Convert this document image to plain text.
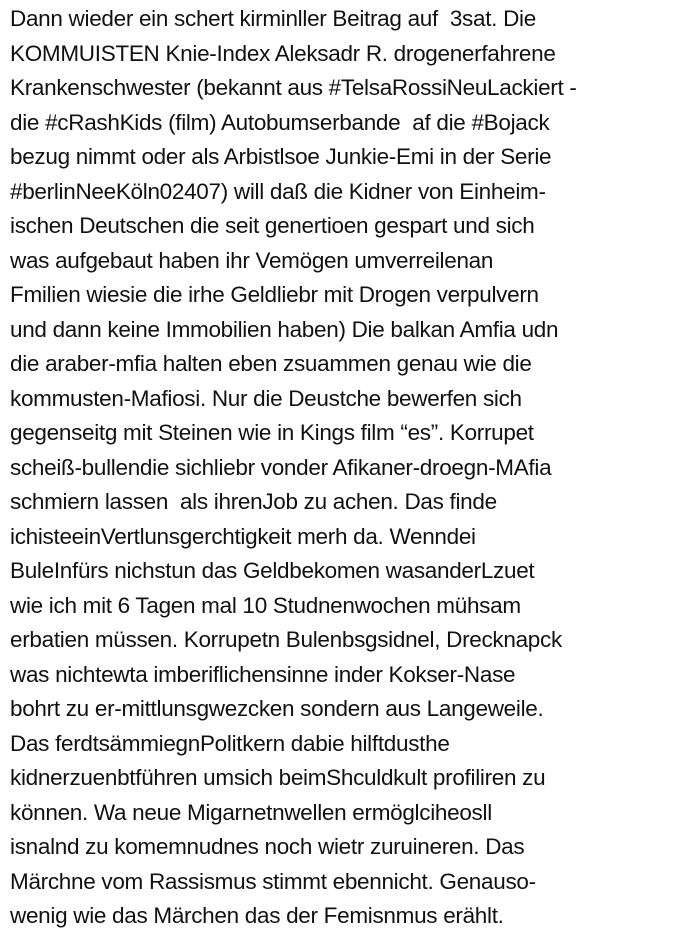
Dann wieder ein schert kirminller Beitrag auf  3sat. Die
KOMMUISTEN Knie-Index Aleksadr R. drogenerfahrene
Krankenschwester (bekannt aus #TelsaRossiNeuLackiert -
die #cRashKids (film) Autobumserbande  af die #Bojack
bezug nimmt oder als Arbistlsoe Junkie-Emi in der Serie
#berlinNeeKöln02407) will daß die Kidner von Einheim-
ischen Deutschen die seit genertioen gespart und sich
was aufgebaut haben ihr Vemögen umverreilenan
Fmilien wiesie die irhe Geldliebr mit Drogen verpulvern
und dann keine Immobilien haben) Die balkan Amfia udn
die araber-mfia halten eben zsuammen genau wie die
kommusten-Mafiosi. Nur die Deustche bewerfen sich
gegenseitg mit Steinen wie in Kings film “es”. Korrupet
scheiß-bullendie sichliebr vonder Afikaner-droegn-MAfia
schmiern lassen  als ihrenJob zu achen. Das finde
ichisteeinVertlunsgerchtigkeit merh da. Wenndei
BuleInfürs nichstun das Geldbekomen wasanderLzuet
wie ich mit 6 Tagen mal 10 Studnenwochen mühsam
erbatien müssen. Korrupetn Bulenbsgsidnel, Drecknapck
was nichtewta imberiflichensinne inder Kokser-Nase
bohrt zu er-mittlunsgwezcken sondern aus Langeweile.
Das ferdtsämmiegnPolitkern dabie hilftdusthe
kidnerzuenbtführen umsich beimShculdkult profiliren zu
können. Wa neue Migarnetnwellen ermöglciheosll
isnalnd zu komemnudnes noch wietr zuruineren. Das
Märchne vom Rassismus stimmt ebennicht. Genauso-
wenig wie das Märchen das der Femisnmus erählt.
